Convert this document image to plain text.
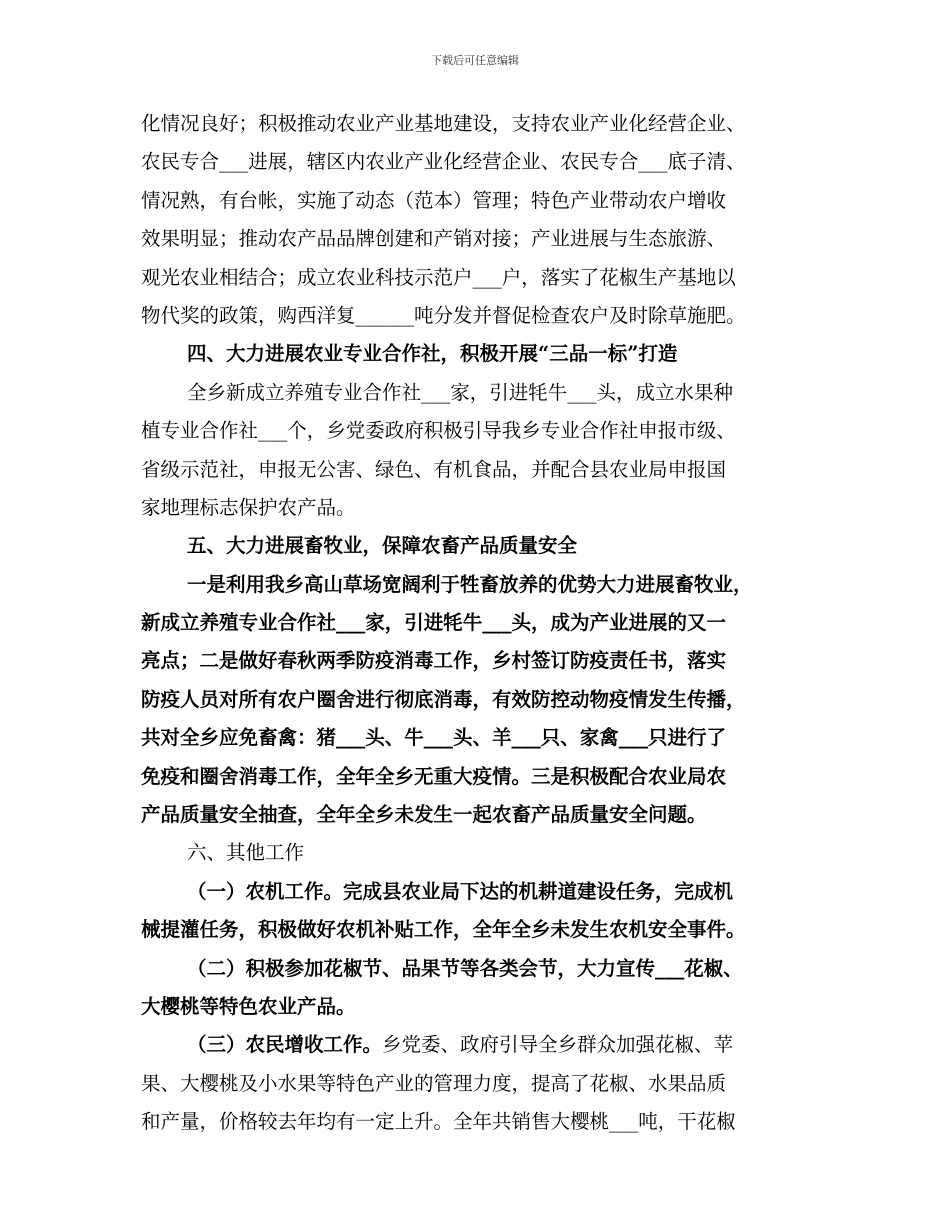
下载后可任意编辑
化情况良好；积极推动农业产业基地建设，支持农业产业化经营企业、
农民专合___进展，辖区内农业产业化经营企业、农民专合___底子清、
情况熟，有台帐，实施了动态（范本）管理；特色产业带动农户增收
效果明显；推动农产品品牌创建和产销对接；产业进展与生态旅游、
观光农业相结合；成立农业科技示范户___户，落实了花椒生产基地以
物代奖的政策，购西洋复______吨分发并督促检查农户及时除草施肥。
四、大力进展农业专业合作社，积极开展“三品一标”打造
全乡新成立养殖专业合作社___家，引进牦牛___头，成立水果种
植专业合作社___个，乡党委政府积极引导我乡专业合作社申报市级、
省级示范社，申报无公害、绿色、有机食品，并配合县农业局申报国
家地理标志保护农产品。
五、大力进展畜牧业，保障农畜产品质量安全
一是利用我乡高山草场宽阔利于牲畜放养的优势大力进展畜牧业，
新成立养殖专业合作社___家，引进牦牛___头，成为产业进展的又一
亮点；二是做好春秋两季防疫消毒工作，乡村签订防疫责任书，落实
防疫人员对所有农户圈舍进行彻底消毒，有效防控动物疫情发生传播，
共对全乡应免畜禽：猪___头、牛___头、羊___只、家禽___只进行了
免疫和圈舍消毒工作，全年全乡无重大疫情。三是积极配合农业局农
产品质量安全抽查，全年全乡未发生一起农畜产品质量安全问题。
六、其他工作
（一）农机工作。完成县农业局下达的机耕道建设任务，完成机
械提灌任务，积极做好农机补贴工作，全年全乡未发生农机安全事件。
（二）积极参加花椒节、品果节等各类会节，大力宣传___花椒、
大樱桃等特色农业产品。
（三）农民增收工作。乡党委、政府引导全乡群众加强花椒、苹
果、大樱桃及小水果等特色产业的管理力度，提高了花椒、水果品质
和产量，价格较去年均有一定上升。全年共销售大樱桃___吨，干花椒
